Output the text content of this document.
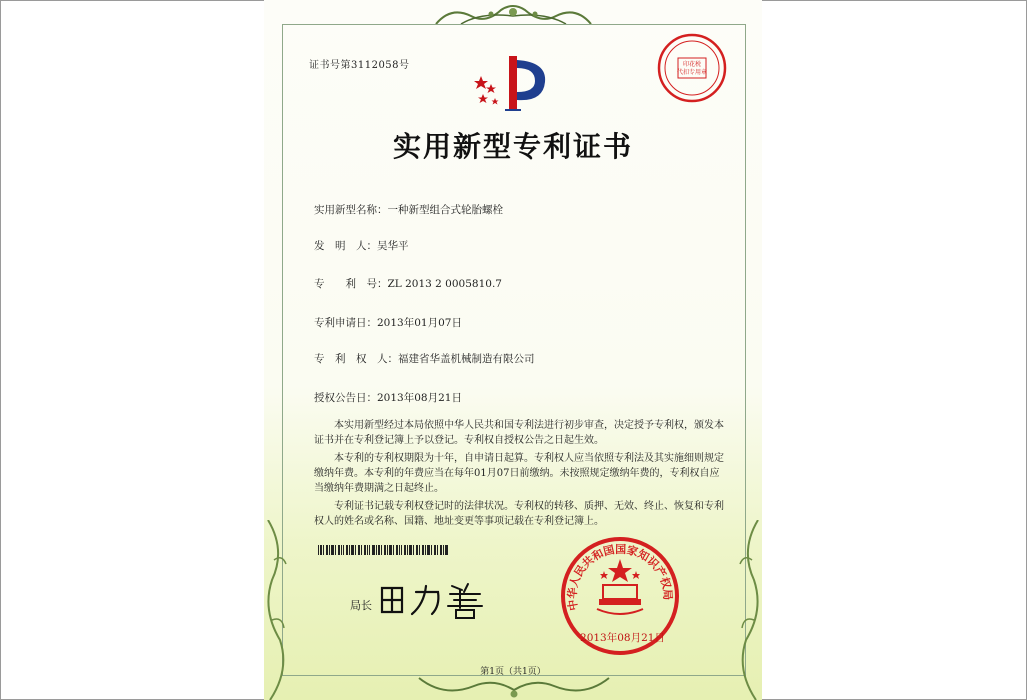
证书号第3112058号	印花税
代扣专用章
实用新型专利证书
实用新型名称：一种新型组合式轮胎螺栓
发　明　人：吴华平
专　　利　号：ZL 2013 2 0005810.7
专利申请日：2013年01月07日
专　利　权　人：福建省华盖机械制造有限公司
授权公告日：2013年08月21日

本实用新型经过本局依照中华人民共和国专利法进行初步审查，决定授予专利权，颁发本证书并在专利登记簿上予以登记。专利权自授权公告之日起生效。

本专利的专利权期限为十年，自申请日起算。专利权人应当依照专利法及其实施细则规定缴纳年费。本专利的年费应当在每年01月07日前缴纳。未按照规定缴纳年费的，专利权自应当缴纳年费期满之日起终止。

专利证书记载专利权登记时的法律状况。专利权的转移、质押、无效、终止、恢复和专利权人的姓名或名称、国籍、地址变更等事项记载在专利登记簿上。

局长	中华人民共和国国家知识产权局
2013年08月21日
第1页（共1页）
